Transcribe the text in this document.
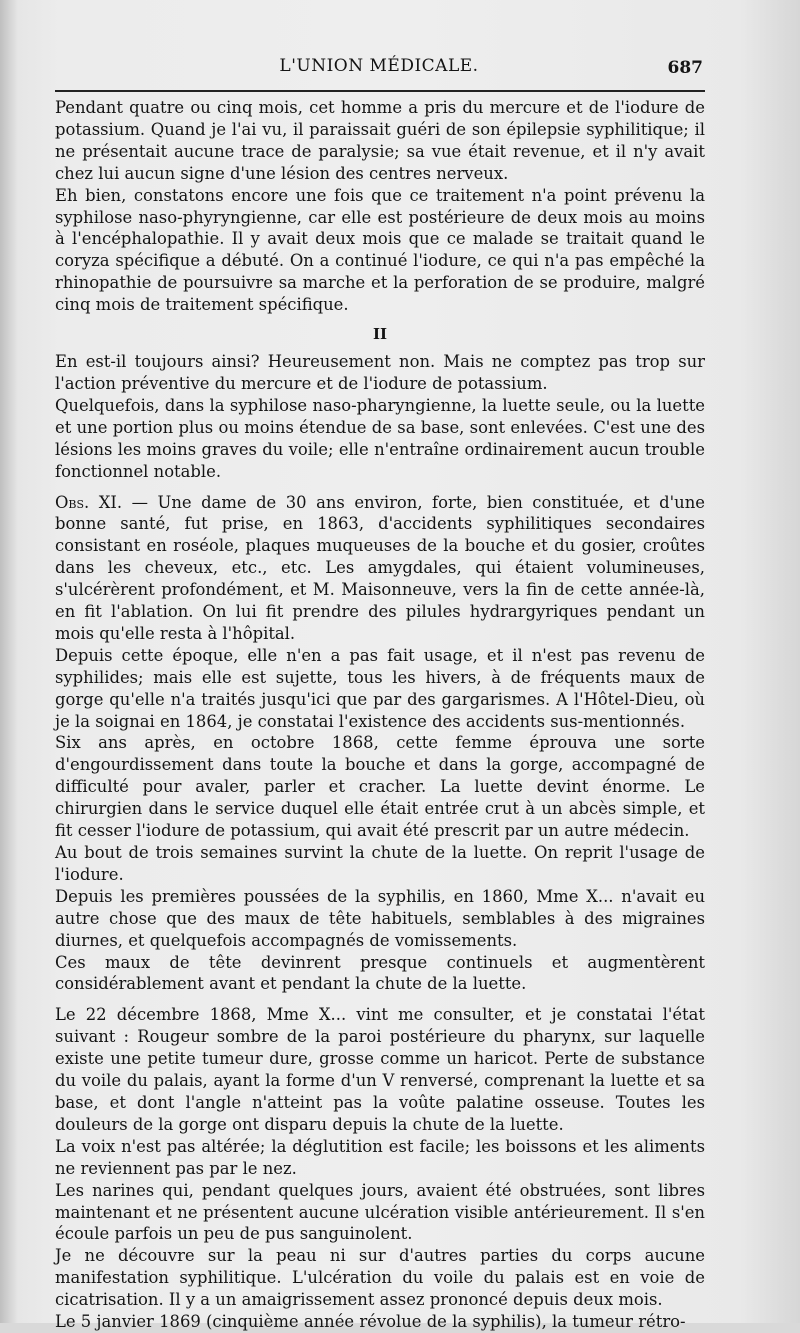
L'UNION MÉDICALE.	687

Pendant quatre ou cinq mois, cet homme a pris du mercure et de l'iodure de potassium. Quand je l'ai vu, il paraissait guéri de son épilepsie syphilitique; il ne présentait aucune trace de paralysie; sa vue était revenue, et il n'y avait chez lui aucun signe d'une lésion des centres nerveux.

Eh bien, constatons encore une fois que ce traitement n'a point prévenu la syphilose naso-phyryngienne, car elle est postérieure de deux mois au moins à l'encéphalopathie. Il y avait deux mois que ce malade se traitait quand le coryza spécifique a débuté. On a continué l'iodure, ce qui n'a pas empêché la rhinopathie de poursuivre sa marche et la perforation de se produire, malgré cinq mois de traitement spécifique.

II

En est-il toujours ainsi? Heureusement non. Mais ne comptez pas trop sur l'action préventive du mercure et de l'iodure de potassium.

Quelquefois, dans la syphilose naso-pharyngienne, la luette seule, ou la luette et une portion plus ou moins étendue de sa base, sont enlevées. C'est une des lésions les moins graves du voile; elle n'entraîne ordinairement aucun trouble fonctionnel notable.

Obs. XI. — Une dame de 30 ans environ, forte, bien constituée, et d'une bonne santé, fut prise, en 1863, d'accidents syphilitiques secondaires consistant en roséole, plaques muqueuses de la bouche et du gosier, croûtes dans les cheveux, etc., etc. Les amygdales, qui étaient volumineuses, s'ulcérèrent profondément, et M. Maisonneuve, vers la fin de cette année-là, en fit l'ablation. On lui fit prendre des pilules hydrargyriques pendant un mois qu'elle resta à l'hôpital.

Depuis cette époque, elle n'en a pas fait usage, et il n'est pas revenu de syphilides; mais elle est sujette, tous les hivers, à de fréquents maux de gorge qu'elle n'a traités jusqu'ici que par des gargarismes. A l'Hôtel-Dieu, où je la soignai en 1864, je constatai l'existence des accidents sus-mentionnés.

Six ans après, en octobre 1868, cette femme éprouva une sorte d'engourdissement dans toute la bouche et dans la gorge, accompagné de difficulté pour avaler, parler et cracher. La luette devint énorme. Le chirurgien dans le service duquel elle était entrée crut à un abcès simple, et fit cesser l'iodure de potassium, qui avait été prescrit par un autre médecin.

Au bout de trois semaines survint la chute de la luette. On reprit l'usage de l'iodure.

Depuis les premières poussées de la syphilis, en 1860, Mme X... n'avait eu autre chose que des maux de tête habituels, semblables à des migraines diurnes, et quelquefois accompagnés de vomissements.

Ces maux de tête devinrent presque continuels et augmentèrent considérablement avant et pendant la chute de la luette.

Le 22 décembre 1868, Mme X... vint me consulter, et je constatai l'état suivant : Rougeur sombre de la paroi postérieure du pharynx, sur laquelle existe une petite tumeur dure, grosse comme un haricot. Perte de substance du voile du palais, ayant la forme d'un V renversé, comprenant la luette et sa base, et dont l'angle n'atteint pas la voûte palatine osseuse. Toutes les douleurs de la gorge ont disparu depuis la chute de la luette.

La voix n'est pas altérée; la déglutition est facile; les boissons et les aliments ne reviennent pas par le nez.

Les narines qui, pendant quelques jours, avaient été obstruées, sont libres maintenant et ne présentent aucune ulcération visible antérieurement. Il s'en écoule parfois un peu de pus sanguinolent.

Je ne découvre sur la peau ni sur d'autres parties du corps aucune manifestation syphilitique. L'ulcération du voile du palais est en voie de cicatrisation. Il y a un amaigrissement assez prononcé depuis deux mois.

Le 5 janvier 1869 (cinquième année révolue de la syphilis), la tumeur rétro-
